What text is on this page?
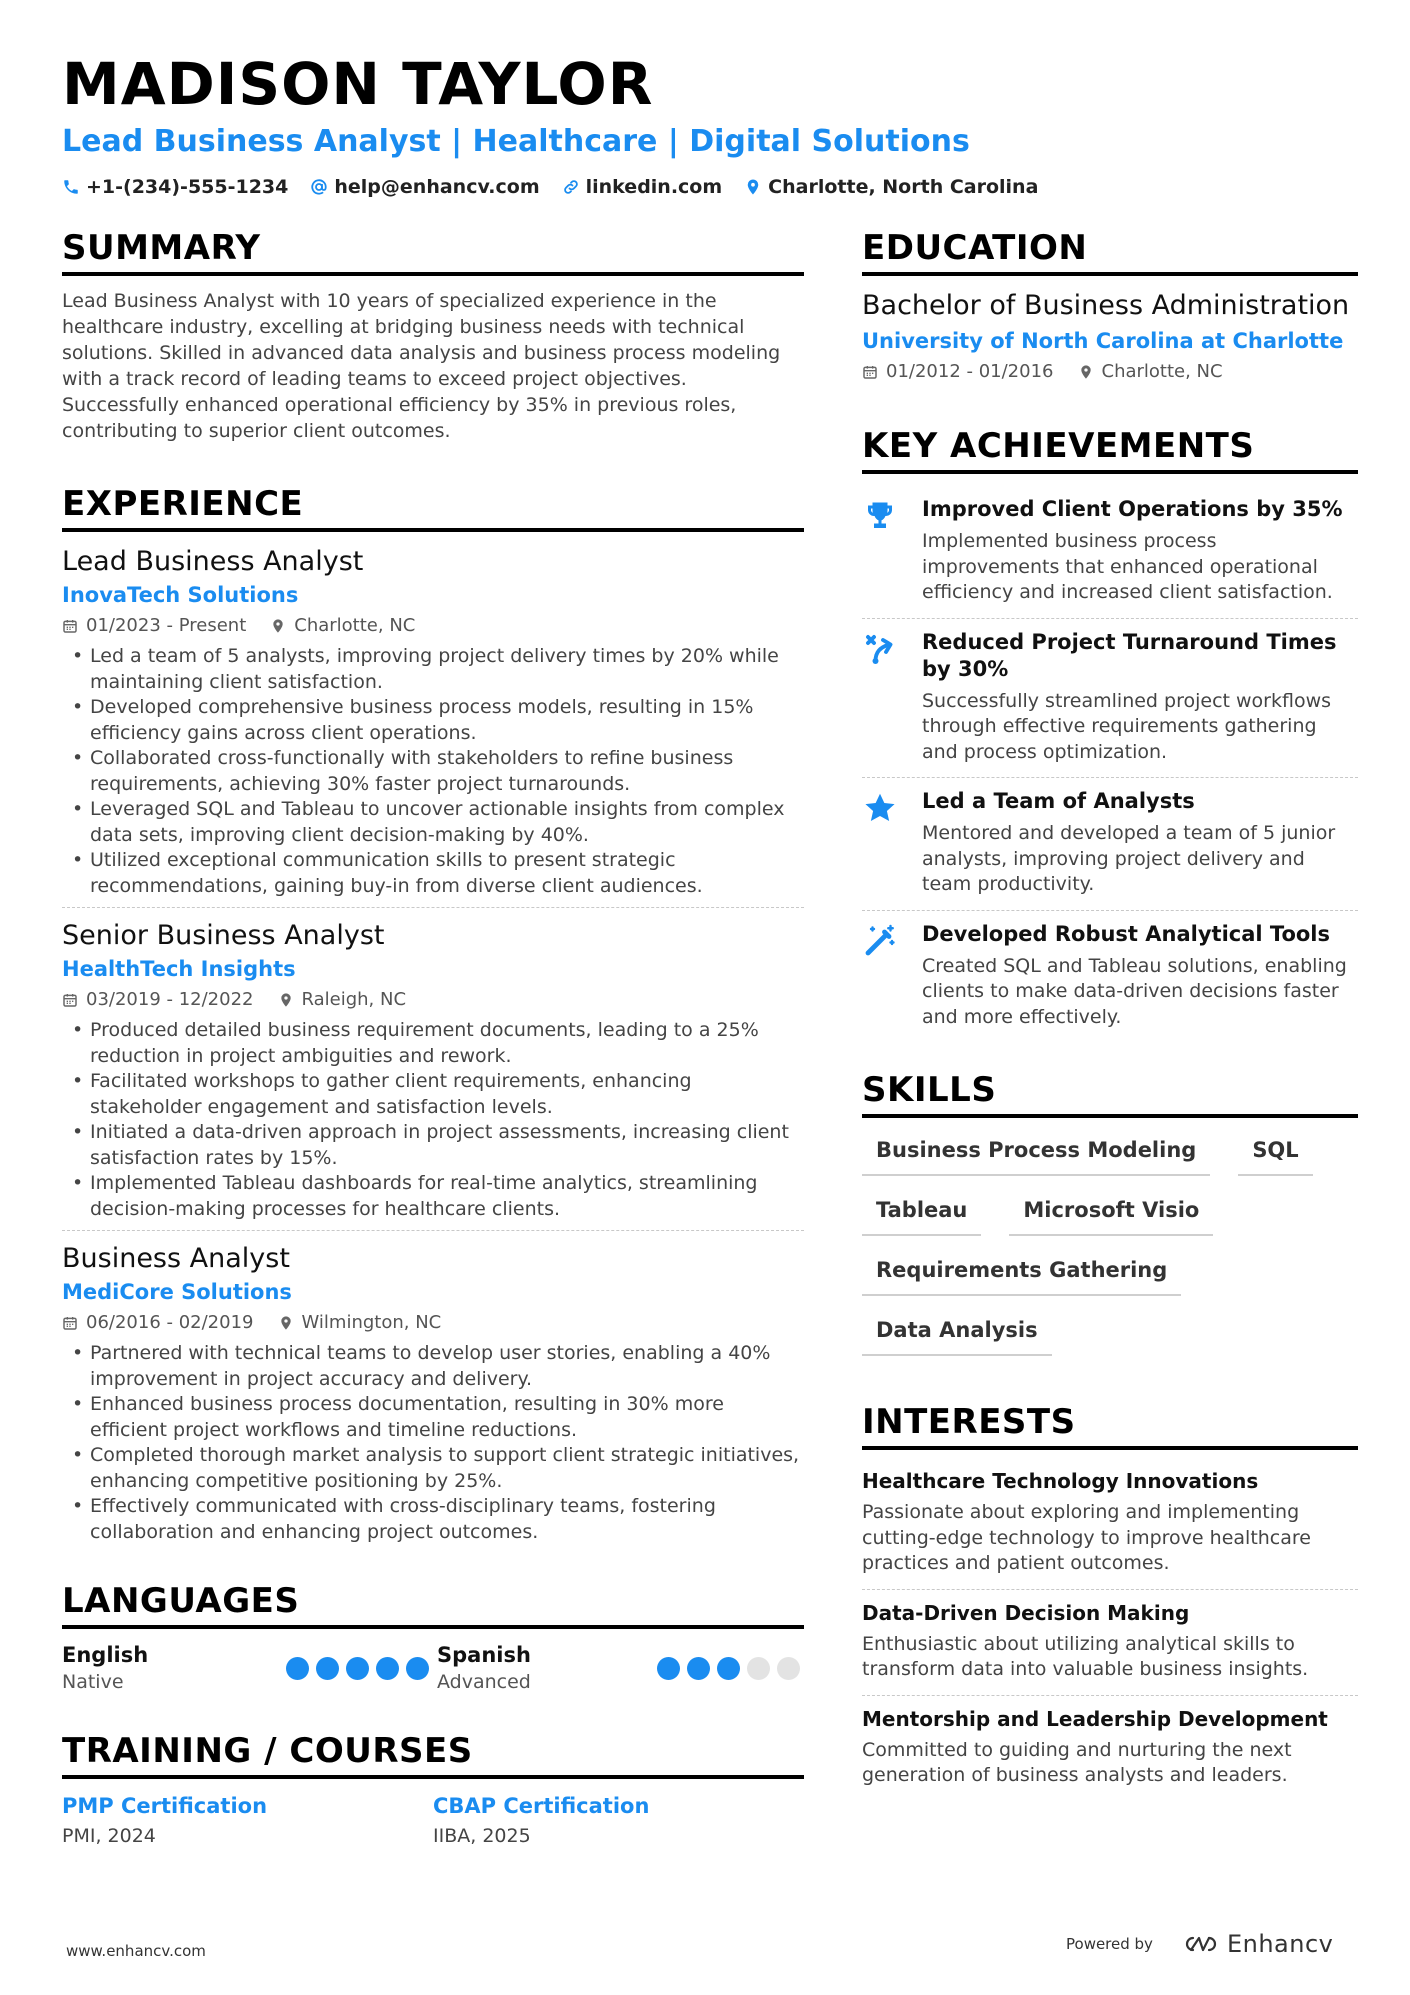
MADISON TAYLOR
Lead Business Analyst | Healthcare | Digital Solutions
+1-(234)-555-1234 help@enhancv.com linkedin.com Charlotte, North Carolina
SUMMARY
Lead Business Analyst with 10 years of specialized experience in the healthcare industry, excelling at bridging business needs with technical solutions. Skilled in advanced data analysis and business process modeling with a track record of leading teams to exceed project objectives. Successfully enhanced operational efficiency by 35% in previous roles, contributing to superior client outcomes.
EXPERIENCE
Lead Business Analyst
InovaTech Solutions
01/2023 - Present	Charlotte, NC
• Led a team of 5 analysts, improving project delivery times by 20% while maintaining client satisfaction.
• Developed comprehensive business process models, resulting in 15% efficiency gains across client operations.
• Collaborated cross-functionally with stakeholders to refine business requirements, achieving 30% faster project turnarounds.
• Leveraged SQL and Tableau to uncover actionable insights from complex data sets, improving client decision-making by 40%.
• Utilized exceptional communication skills to present strategic recommendations, gaining buy-in from diverse client audiences.
Senior Business Analyst
HealthTech Insights
03/2019 - 12/2022	Raleigh, NC
• Produced detailed business requirement documents, leading to a 25% reduction in project ambiguities and rework.
• Facilitated workshops to gather client requirements, enhancing stakeholder engagement and satisfaction levels.
• Initiated a data-driven approach in project assessments, increasing client satisfaction rates by 15%.
• Implemented Tableau dashboards for real-time analytics, streamlining decision-making processes for healthcare clients.
Business Analyst
MediCore Solutions
06/2016 - 02/2019	Wilmington, NC
• Partnered with technical teams to develop user stories, enabling a 40% improvement in project accuracy and delivery.
• Enhanced business process documentation, resulting in 30% more efficient project workflows and timeline reductions.
• Completed thorough market analysis to support client strategic initiatives, enhancing competitive positioning by 25%.
• Effectively communicated with cross-disciplinary teams, fostering collaboration and enhancing project outcomes.
LANGUAGES
English
Native
Spanish
Advanced
TRAINING / COURSES
PMP Certification
PMI, 2024
CBAP Certification
IIBA, 2025
EDUCATION
Bachelor of Business Administration
University of North Carolina at Charlotte
01/2012 - 01/2016	Charlotte, NC
KEY ACHIEVEMENTS
Improved Client Operations by 35%
Implemented business process improvements that enhanced operational efficiency and increased client satisfaction.
Reduced Project Turnaround Times by 30%
Successfully streamlined project workflows through effective requirements gathering and process optimization.
Led a Team of Analysts
Mentored and developed a team of 5 junior analysts, improving project delivery and team productivity.
Developed Robust Analytical Tools
Created SQL and Tableau solutions, enabling clients to make data-driven decisions faster and more effectively.
SKILLS
Business Process Modeling	SQL
Tableau	Microsoft Visio
Requirements Gathering
Data Analysis
INTERESTS
Healthcare Technology Innovations
Passionate about exploring and implementing cutting-edge technology to improve healthcare practices and patient outcomes.
Data-Driven Decision Making
Enthusiastic about utilizing analytical skills to transform data into valuable business insights.
Mentorship and Leadership Development
Committed to guiding and nurturing the next generation of business analysts and leaders.
www.enhancv.com	Powered by	Enhancv
